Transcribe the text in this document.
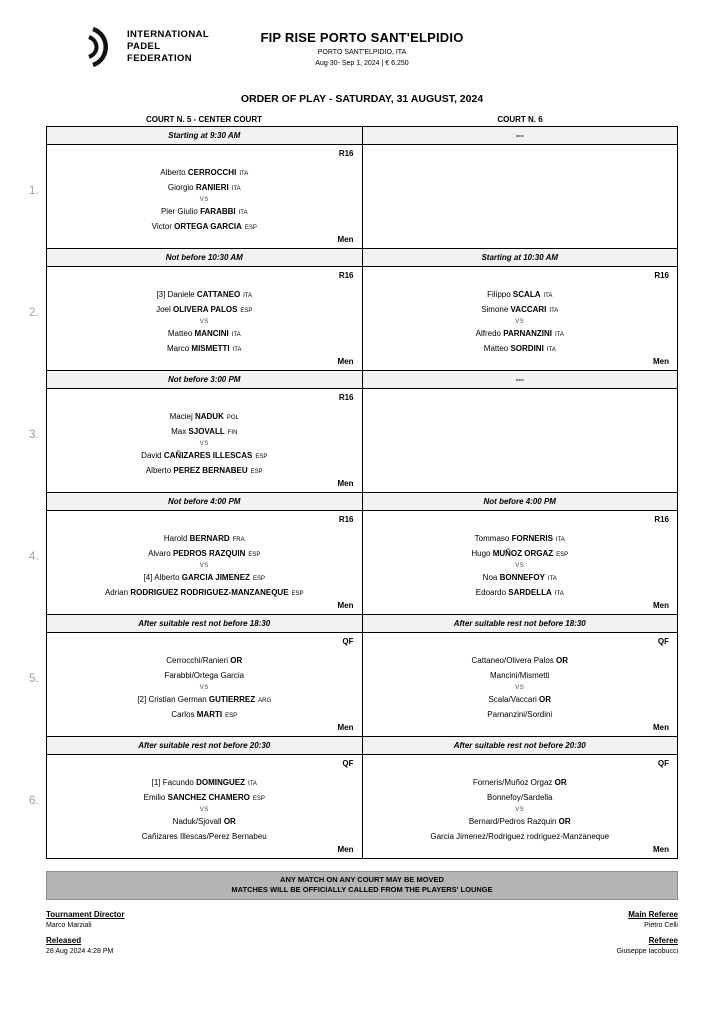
INTERNATIONAL
PADEL
FEDERATION
FIP RISE PORTO SANT'ELPIDIO
PORTO SANT'ELPIDIO, ITA
Aug 30- Sep 1, 2024 | € 6,250
ORDER OF PLAY - SATURDAY, 31 AUGUST, 2024
COURT N. 5 - CENTER COURT	COURT N. 6
1.
Starting at 9:30 AM	---
R16
Alberto CERROCCHI ITA
Giorgio RANIERI ITA
VS
Pier Giulio FARABBI ITA
Victor ORTEGA GARCIA ESP
Men
2.
Not before 10:30 AM	Starting at 10:30 AM
R16
[3] Daniele CATTANEO ITA
Joel OLIVERA PALOS ESP
VS
Matteo MANCINI ITA
Marco MISMETTI ITA
Men
R16
Filippo SCALA ITA
Simone VACCARI ITA
VS
Alfredo PARNANZINI ITA
Matteo SORDINI ITA
Men
3.
Not before 3:00 PM	---
R16
Maciej NADUK POL
Max SJOVALL FIN
VS
David CAÑIZARES ILLESCAS ESP
Alberto PEREZ BERNABEU ESP
Men
4.
Not before 4:00 PM	Not before 4:00 PM
R16
Harold BERNARD FRA
Alvaro PEDROS RAZQUIN ESP
VS
[4] Alberto GARCIA JIMENEZ ESP
Adrian RODRIGUEZ RODRIGUEZ-MANZANEQUE ESP
Men
R16
Tommaso FORNERIS ITA
Hugo MUÑOZ ORGAZ ESP
VS
Noa BONNEFOY ITA
Edoardo SARDELLA ITA
Men
5.
After suitable rest not before 18:30	After suitable rest not before 18:30
QF
Cerrocchi/Ranieri OR
Farabbi/Ortega Garcia
VS
[2] Cristian German GUTIERREZ ARG
Carlos MARTI ESP
Men
QF
Cattaneo/Olivera Palos OR
Mancini/Mismetti
VS
Scala/Vaccari OR
Parnanzini/Sordini
Men
6.
After suitable rest not before 20:30	After suitable rest not before 20:30
QF
[1] Facundo DOMINGUEZ ITA
Emilio SANCHEZ CHAMERO ESP
VS
Naduk/Sjovall OR
Cañizares Illescas/Perez Bernabeu
Men
QF
Forneris/Muñoz Orgaz OR
Bonnefoy/Sardella
VS
Bernard/Pedros Razquin OR
Garcia Jimenez/Rodriguez rodriguez-Manzaneque
Men
ANY MATCH ON ANY COURT MAY BE MOVED
MATCHES WILL BE OFFICIALLY CALLED FROM THE PLAYERS' LOUNGE
Tournament Director
Marco Marziali
Released
28 Aug 2024 4:28 PM
Main Referee
Pietro Celli
Referee
Giuseppe Iacobucci
